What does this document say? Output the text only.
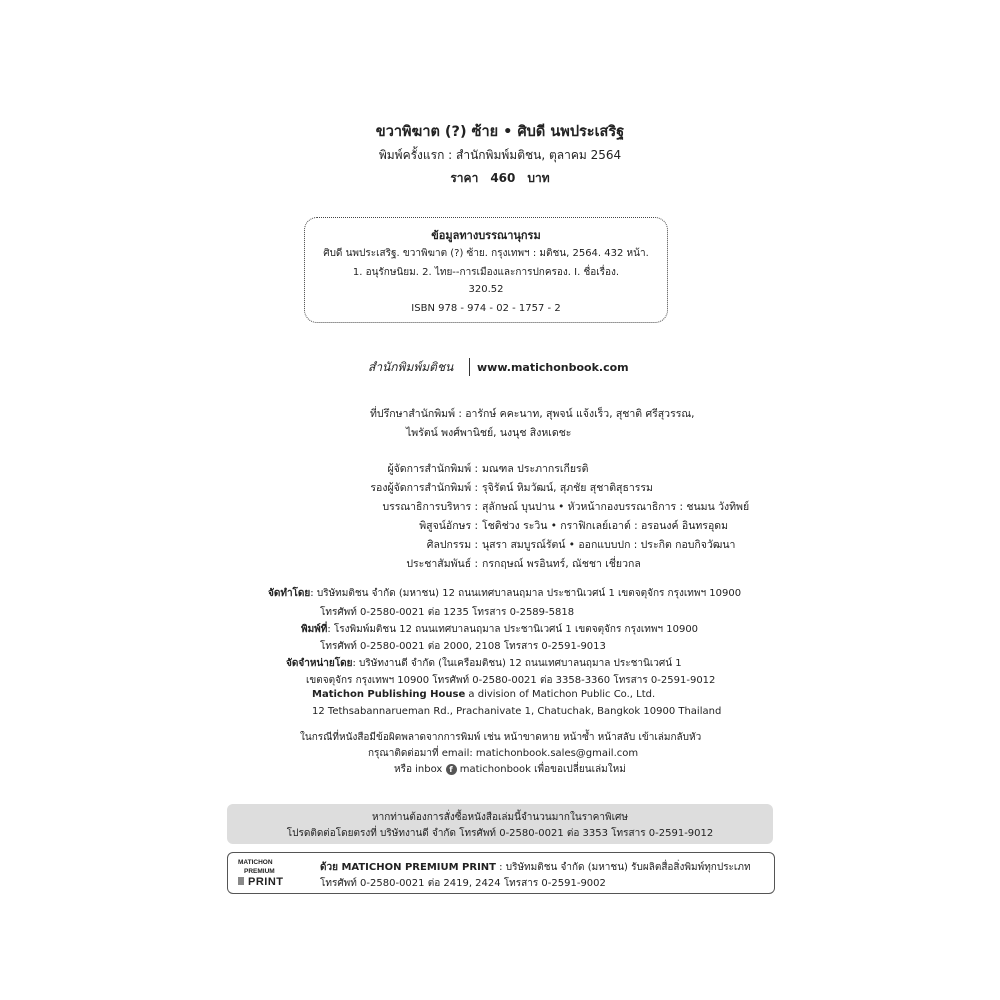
ขวาพิฆาต (?) ซ้าย • ศิบดี นพประเสริฐ
พิมพ์ครั้งแรก : สำนักพิมพ์มติชน, ตุลาคม 2564
ราคา 460 บาท
ข้อมูลทางบรรณานุกรม
ศิบดี นพประเสริฐ. ขวาพิฆาต (?) ซ้าย. กรุงเทพฯ : มติชน, 2564. 432 หน้า.
1. อนุรักษนิยม. 2. ไทย--การเมืองและการปกครอง. I. ชื่อเรื่อง.
320.52
ISBN 978 - 974 - 02 - 1757 - 2
สำนักพิมพ์มติชน www.matichonbook.com
ที่ปรึกษาสำนักพิมพ์ : อารักษ์ คคะนาท, สุพจน์ แจ้งเร็ว, สุชาติ ศรีสุวรรณ,
ไพรัตน์ พงศ์พานิชย์, นงนุช สิงหเดชะ
ผู้จัดการสำนักพิมพ์ : มณฑล ประภากรเกียรติ
รองผู้จัดการสำนักพิมพ์ : รุจิรัตน์ หิมวัฒน์, สุภชัย สุชาติสุธารรม
บรรณาธิการบริหาร : สุลักษณ์ บุนปาน • หัวหน้ากองบรรณาธิการ : ชนมน วังทิพย์
พิสูจน์อักษร : โชติช่วง ระวิน • กราฟิกเลย์เอาต์ : อรอนงค์ อินทรอุดม
ศิลปกรรม : นุสรา สมบูรณ์รัตน์ • ออกแบบปก : ประกิต กอบกิจวัฒนา
ประชาสัมพันธ์ : กรกฤษณ์ พรอินทร์, ณัชชา เชี่ยวกล
จัดทำโดย: บริษัทมติชน จำกัด (มหาชน) 12 ถนนเทศบาลนฤมาล ประชานิเวศน์ 1 เขตจตุจักร กรุงเทพฯ 10900
โทรศัพท์ 0-2580-0021 ต่อ 1235 โทรสาร 0-2589-5818
พิมพ์ที่: โรงพิมพ์มติชน 12 ถนนเทศบาลนฤมาล ประชานิเวศน์ 1 เขตจตุจักร กรุงเทพฯ 10900
โทรศัพท์ 0-2580-0021 ต่อ 2000, 2108 โทรสาร 0-2591-9013
จัดจำหน่ายโดย: บริษัทงานดี จำกัด (ในเครือมติชน) 12 ถนนเทศบาลนฤมาล ประชานิเวศน์ 1
เขตจตุจักร กรุงเทพฯ 10900 โทรศัพท์ 0-2580-0021 ต่อ 3358-3360 โทรสาร 0-2591-9012
Matichon Publishing House a division of Matichon Public Co., Ltd.
12 Tethsabannarueman Rd., Prachanivate 1, Chatuchak, Bangkok 10900 Thailand
ในกรณีที่หนังสือมีข้อผิดพลาดจากการพิมพ์ เช่น หน้าขาดหาย หน้าซ้ำ หน้าสลับ เข้าเล่มกลับหัว
กรุณาติดต่อมาที่ email: matichonbook.sales@gmail.com
หรือ inbox f matichonbook เพื่อขอเปลี่ยนเล่มใหม่
หากท่านต้องการสั่งซื้อหนังสือเล่มนี้จำนวนมากในราคาพิเศษ
โปรดติดต่อโดยตรงที่ บริษัทงานดี จำกัด โทรศัพท์ 0-2580-0021 ต่อ 3353 โทรสาร 0-2591-9012
MATICHON
PREMIUM
PRINT
ด้วย MATICHON PREMIUM PRINT : บริษัทมติชน จำกัด (มหาชน) รับผลิตสื่อสิ่งพิมพ์ทุกประเภท
โทรศัพท์ 0-2580-0021 ต่อ 2419, 2424 โทรสาร 0-2591-9002
